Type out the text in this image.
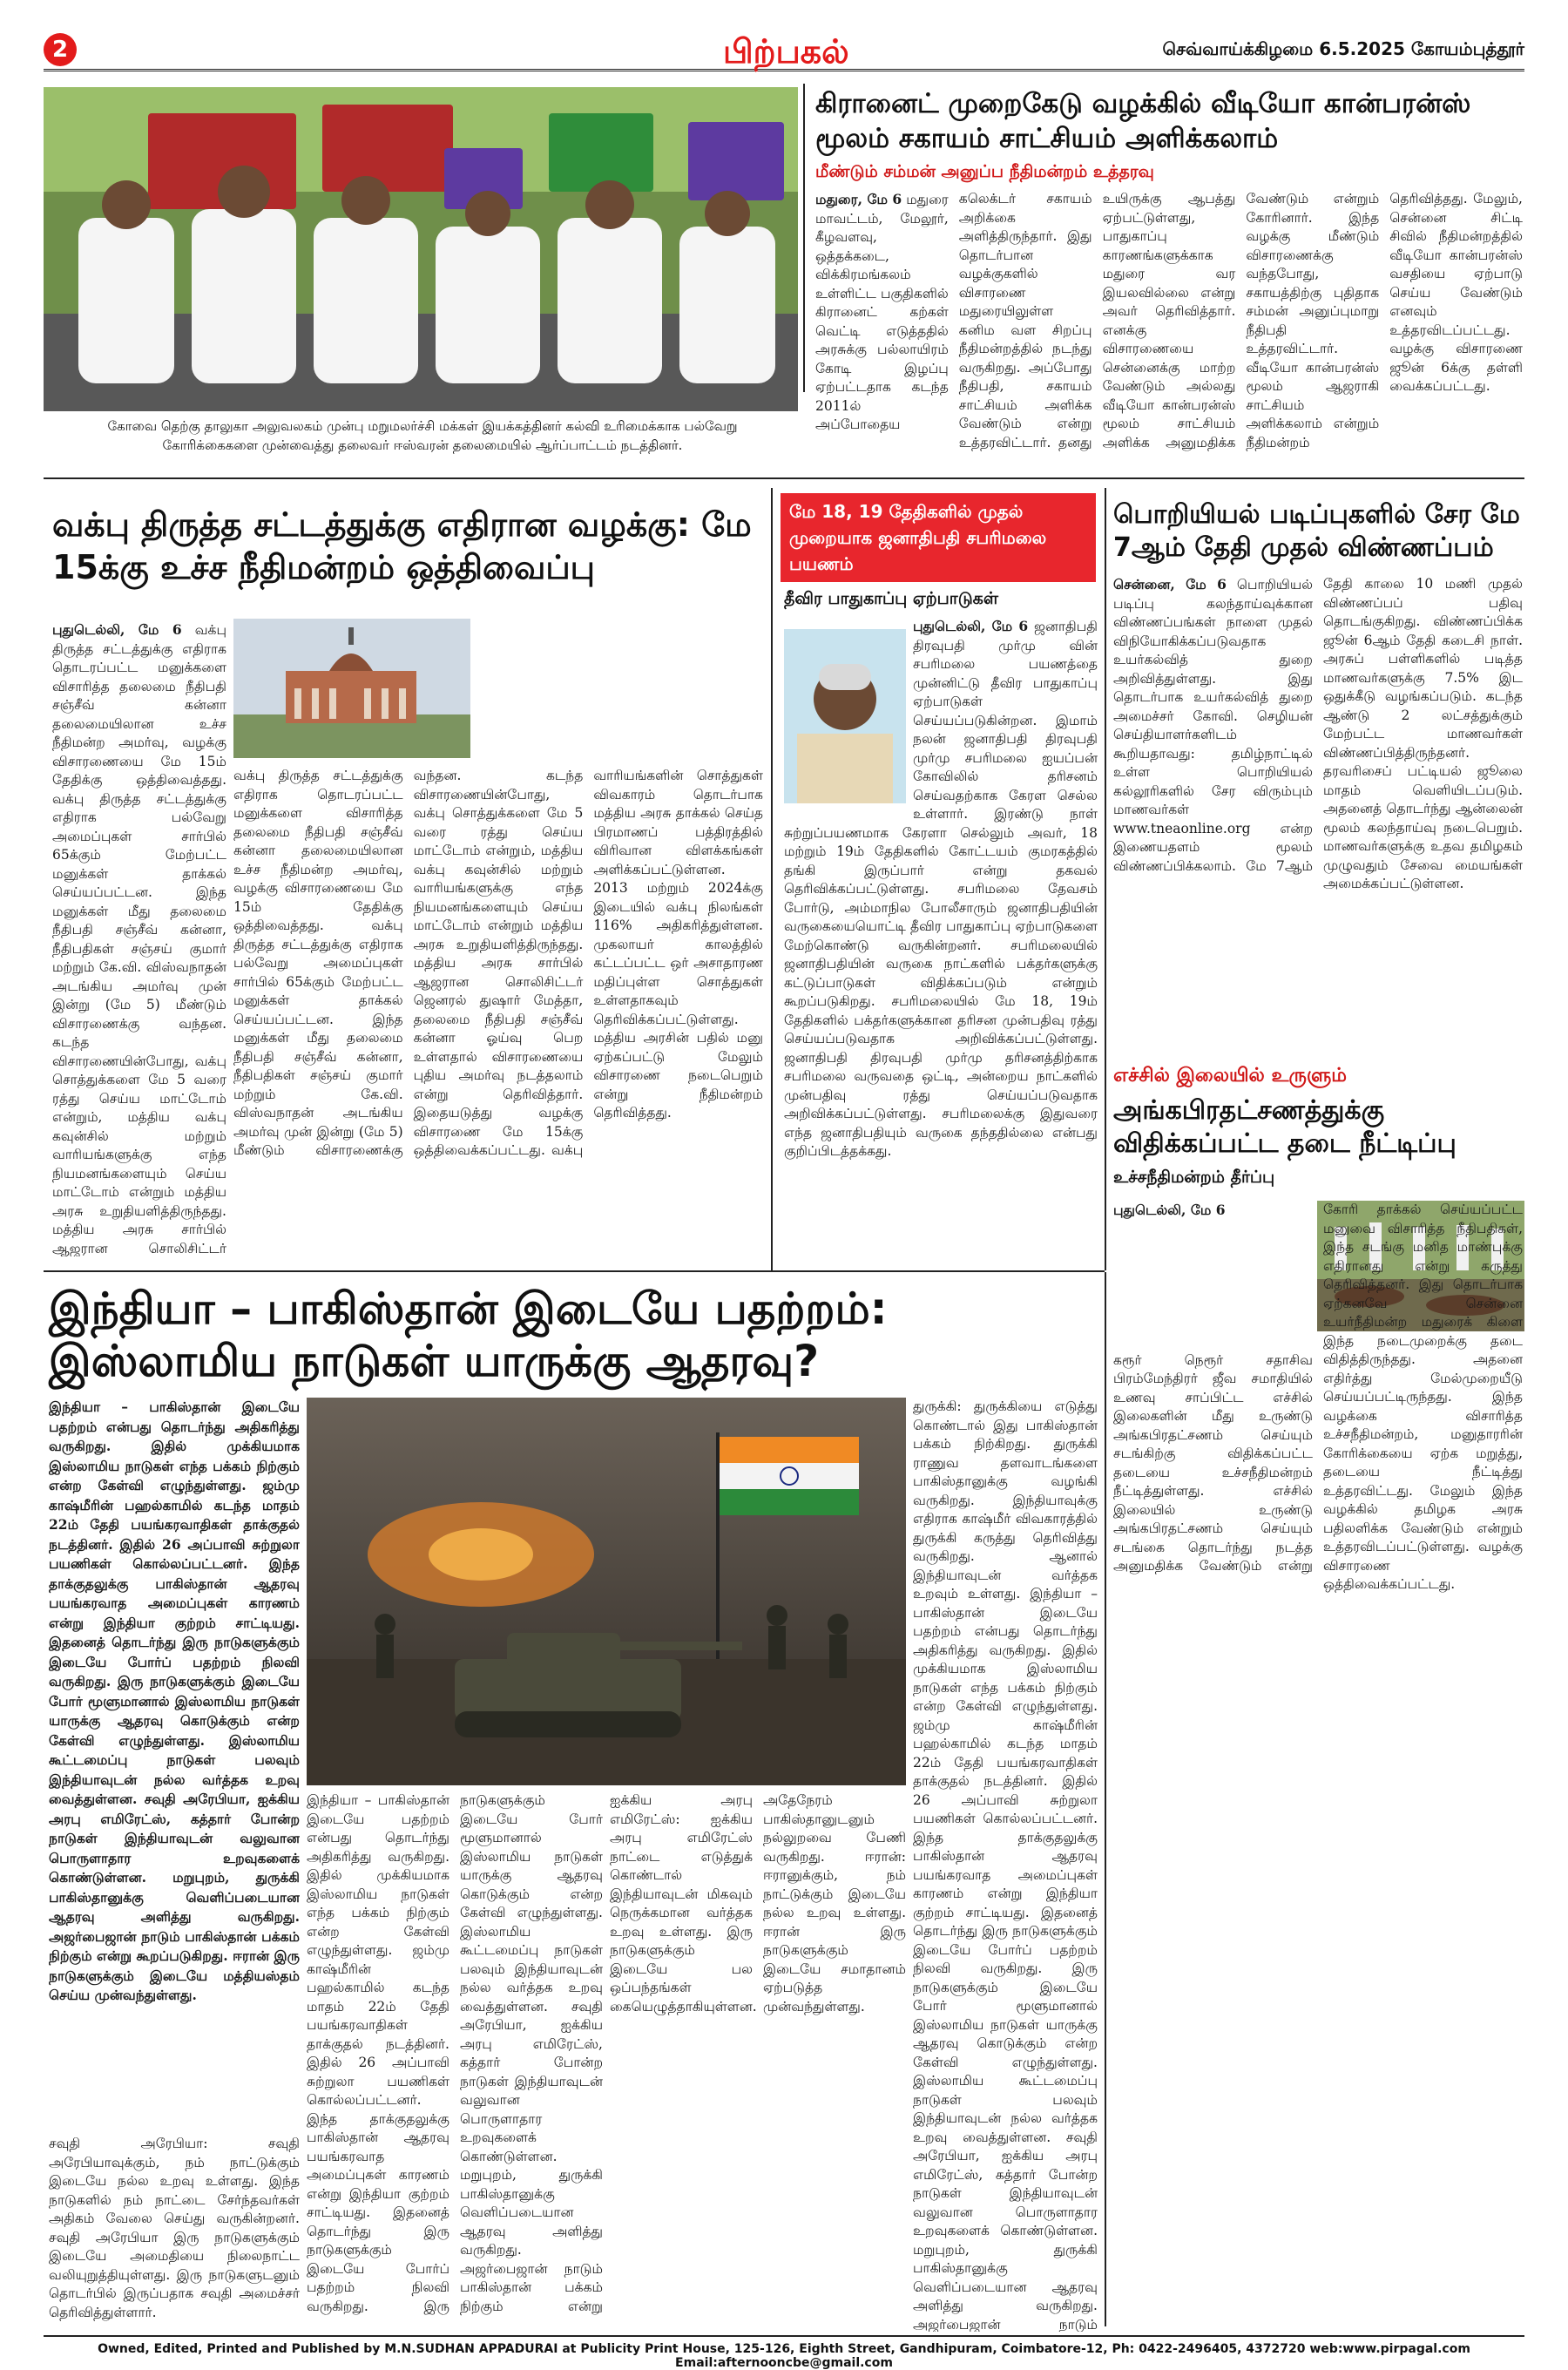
2	பிற்பகல்	செவ்வாய்க்கிழமை 6.5.2025 கோயம்புத்தூர்
கோவை தெற்கு தாலுகா அலுவலகம் முன்பு மறுமலர்ச்சி மக்கள் இயக்கத்தினர் கல்வி உரிமைக்காக பல்வேறு கோரிக்கைகளை முன்வைத்து தலைவர் ஈஸ்வரன் தலைமையில் ஆர்ப்பாட்டம் நடத்தினர்.
கிரானைட் முறைகேடு வழக்கில் வீடியோ கான்பரன்ஸ் மூலம் சகாயம் சாட்சியம் அளிக்கலாம்
மீண்டும் சம்மன் அனுப்ப நீதிமன்றம் உத்தரவு
மதுரை, மே 6 மதுரை மாவட்டம், மேலூர், கீழவளவு, ஒத்தக்கடை, விக்கிரமங்கலம் உள்ளிட்ட பகுதிகளில் கிரானைட் கற்கள் வெட்டி எடுத்ததில் அரசுக்கு பல்லாயிரம் கோடி இழப்பு ஏற்பட்டதாக கடந்த 2011ல் அப்போதைய கலெக்டர் சகாயம் அறிக்கை அளித்திருந்தார். இது தொடர்பான வழக்குகளில் விசாரணை மதுரையிலுள்ள கனிம வள சிறப்பு நீதிமன்றத்தில் நடந்து வருகிறது. அப்போது நீதிபதி, சகாயம் சாட்சியம் அளிக்க வேண்டும் என்று உத்தரவிட்டார். தனது உயிருக்கு ஆபத்து ஏற்பட்டுள்ளது, பாதுகாப்பு காரணங்களுக்காக மதுரை வர இயலவில்லை என்று அவர் தெரிவித்தார். எனக்கு விசாரணையை சென்னைக்கு மாற்ற வேண்டும் அல்லது வீடியோ கான்பரன்ஸ் மூலம் சாட்சியம் அளிக்க அனுமதிக்க வேண்டும் என்றும் கோரினார். இந்த வழக்கு மீண்டும் விசாரணைக்கு வந்தபோது, சகாயத்திற்கு புதிதாக சம்மன் அனுப்புமாறு நீதிபதி உத்தரவிட்டார். வீடியோ கான்பரன்ஸ் மூலம் ஆஜராகி சாட்சியம் அளிக்கலாம் என்றும் நீதிமன்றம் தெரிவித்தது. மேலும், சென்னை சிட்டி சிவில் நீதிமன்றத்தில் வீடியோ கான்பரன்ஸ் வசதியை ஏற்பாடு செய்ய வேண்டும் எனவும் உத்தரவிடப்பட்டது. வழக்கு விசாரணை ஜூன் 6க்கு தள்ளி வைக்கப்பட்டது.
வக்பு திருத்த சட்டத்துக்கு எதிரான வழக்கு: மே 15க்கு உச்ச நீதிமன்றம் ஒத்திவைப்பு
புதுடெல்லி, மே 6 வக்பு திருத்த சட்டத்துக்கு எதிராக தொடரப்பட்ட மனுக்களை விசாரித்த தலைமை நீதிபதி சஞ்சீவ் கன்னா தலைமையிலான உச்ச நீதிமன்ற அமர்வு, வழக்கு விசாரணையை மே 15ம் தேதிக்கு ஒத்திவைத்தது. வக்பு திருத்த சட்டத்துக்கு எதிராக பல்வேறு அமைப்புகள் சார்பில் 65க்கும் மேற்பட்ட மனுக்கள் தாக்கல் செய்யப்பட்டன. இந்த மனுக்கள் மீது தலைமை நீதிபதி சஞ்சீவ் கன்னா, நீதிபதிகள் சஞ்சய் குமார் மற்றும் கே.வி. விஸ்வநாதன் அடங்கிய அமர்வு முன் இன்று (மே 5) மீண்டும் விசாரணைக்கு வந்தன. கடந்த விசாரணையின்போது, வக்பு சொத்துக்களை மே 5 வரை ரத்து செய்ய மாட்டோம் என்றும், மத்திய வக்பு கவுன்சில் மற்றும் வாரியங்களுக்கு எந்த நியமனங்களையும் செய்ய மாட்டோம் என்றும் மத்திய அரசு உறுதியளித்திருந்தது. மத்திய அரசு சார்பில் ஆஜரான சொலிசிட்டர்
வக்பு திருத்த சட்டத்துக்கு எதிராக தொடரப்பட்ட மனுக்களை விசாரித்த தலைமை நீதிபதி சஞ்சீவ் கன்னா தலைமையிலான உச்ச நீதிமன்ற அமர்வு, வழக்கு விசாரணையை மே 15ம் தேதிக்கு ஒத்திவைத்தது. வக்பு திருத்த சட்டத்துக்கு எதிராக பல்வேறு அமைப்புகள் சார்பில் 65க்கும் மேற்பட்ட மனுக்கள் தாக்கல் செய்யப்பட்டன. இந்த மனுக்கள் மீது தலைமை நீதிபதி சஞ்சீவ் கன்னா, நீதிபதிகள் சஞ்சய் குமார் மற்றும் கே.வி. விஸ்வநாதன் அடங்கிய அமர்வு முன் இன்று (மே 5) மீண்டும் விசாரணைக்கு வந்தன. கடந்த விசாரணையின்போது, வக்பு சொத்துக்களை மே 5 வரை ரத்து செய்ய மாட்டோம் என்றும், மத்திய வக்பு கவுன்சில் மற்றும் வாரியங்களுக்கு எந்த நியமனங்களையும் செய்ய மாட்டோம் என்றும் மத்திய அரசு உறுதியளித்திருந்தது. மத்திய அரசு சார்பில் ஆஜரான சொலிசிட்டர் ஜெனரல் துஷார் மேத்தா, தலைமை நீதிபதி சஞ்சீவ் கன்னா ஓய்வு பெற உள்ளதால் விசாரணையை புதிய அமர்வு நடத்தலாம் என்று தெரிவித்தார். இதையடுத்து வழக்கு விசாரணை மே 15க்கு ஒத்திவைக்கப்பட்டது. வக்பு வாரியங்களின் சொத்துகள் விவகாரம் தொடர்பாக மத்திய அரசு தாக்கல் செய்த பிரமாணப் பத்திரத்தில் விரிவான விளக்கங்கள் அளிக்கப்பட்டுள்ளன. 2013 மற்றும் 2024க்கு இடையில் வக்பு நிலங்கள் 116% அதிகரித்துள்ளன. முகலாயர் காலத்தில் கட்டப்பட்ட ஒர் அசாதாரண மதிப்புள்ள சொத்துகள் உள்ளதாகவும் தெரிவிக்கப்பட்டுள்ளது. மத்திய அரசின் பதில் மனு ஏற்கப்பட்டு மேலும் விசாரணை நடைபெறும் என்று நீதிமன்றம் தெரிவித்தது.
மே 18, 19 தேதிகளில் முதல் முறையாக ஜனாதிபதி சபரிமலை பயணம்
தீவிர பாதுகாப்பு ஏற்பாடுகள்
புதுடெல்லி, மே 6 ஜனாதிபதி திரவுபதி முர்மு வின் சபரிமலை பயணத்தை முன்னிட்டு தீவிர பாதுகாப்பு ஏற்பாடுகள் செய்யப்படுகின்றன. இமாம் நலன் ஜனாதிபதி திரவுபதி முர்மு சபரிமலை ஐயப்பன் கோவிலில் தரிசனம் செய்வதற்காக கேரள செல்ல உள்ளார். இரண்டு நாள் சுற்றுப்பயணமாக கேரளா செல்லும் அவர், 18 மற்றும் 19ம் தேதிகளில் கோட்டயம் குமரகத்தில் தங்கி இருப்பார் என்று தகவல் தெரிவிக்கப்பட்டுள்ளது. சபரிமலை தேவசம் போர்டு, அம்மாநில போலீசாரும் ஜனாதிபதியின் வருகையையொட்டி தீவிர பாதுகாப்பு ஏற்பாடுகளை மேற்கொண்டு வருகின்றனர். சபரிமலையில் ஜனாதிபதியின் வருகை நாட்களில் பக்தர்களுக்கு கட்டுப்பாடுகள் விதிக்கப்படும் என்றும் கூறப்படுகிறது. சபரிமலையில் மே 18, 19ம் தேதிகளில் பக்தர்களுக்கான தரிசன முன்பதிவு ரத்து செய்யப்படுவதாக அறிவிக்கப்பட்டுள்ளது. ஜனாதிபதி திரவுபதி முர்மு தரிசனத்திற்காக சபரிமலை வருவதை ஒட்டி, அன்றைய நாட்களில் முன்பதிவு ரத்து செய்யப்படுவதாக அறிவிக்கப்பட்டுள்ளது. சபரிமலைக்கு இதுவரை எந்த ஜனாதிபதியும் வருகை தந்ததில்லை என்பது குறிப்பிடத்தக்கது.
பொறியியல் படிப்புகளில் சேர மே 7ஆம் தேதி முதல் விண்ணப்பம்
சென்னை, மே 6 பொறியியல் படிப்பு கலந்தாய்வுக்கான விண்ணப்பங்கள் நாளை முதல் விநியோகிக்கப்படுவதாக உயர்கல்வித் துறை அறிவித்துள்ளது. இது தொடர்பாக உயர்கல்வித் துறை அமைச்சர் கோவி. செழியன் செய்தியாளர்களிடம் கூறியதாவது: தமிழ்நாட்டில் உள்ள பொறியியல் கல்லூரிகளில் சேர விரும்பும் மாணவர்கள் www.tneaonline.org என்ற இணையதளம் மூலம் விண்ணப்பிக்கலாம். மே 7ஆம் தேதி காலை 10 மணி முதல் விண்ணப்பப் பதிவு தொடங்குகிறது. விண்ணப்பிக்க ஜூன் 6ஆம் தேதி கடைசி நாள். அரசுப் பள்ளிகளில் படித்த மாணவர்களுக்கு 7.5% இட ஒதுக்கீடு வழங்கப்படும். கடந்த ஆண்டு 2 லட்சத்துக்கும் மேற்பட்ட மாணவர்கள் விண்ணப்பித்திருந்தனர். தரவரிசைப் பட்டியல் ஜூலை மாதம் வெளியிடப்படும். அதனைத் தொடர்ந்து ஆன்லைன் மூலம் கலந்தாய்வு நடைபெறும். மாணவர்களுக்கு உதவ தமிழகம் முழுவதும் சேவை மையங்கள் அமைக்கப்பட்டுள்ளன.
எச்சில் இலையில் உருளும்
அங்கபிரதட்சணத்துக்கு விதிக்கப்பட்ட தடை நீட்டிப்பு
உச்சநீதிமன்றம் தீர்ப்பு
புதுடெல்லி, மே 6
கரூர் நெரூர் சதாசிவ பிரம்மேந்திரர் ஜீவ சமாதியில் உணவு சாப்பிட்ட எச்சில் இலைகளின் மீது உருண்டு அங்கபிரதட்சணம் செய்யும் சடங்கிற்கு விதிக்கப்பட்ட தடையை உச்சநீதிமன்றம் நீட்டித்துள்ளது. எச்சில் இலையில் உருண்டு அங்கபிரதட்சணம் செய்யும் சடங்கை தொடர்ந்து நடத்த அனுமதிக்க வேண்டும் என்று கோரி தாக்கல் செய்யப்பட்ட மனுவை விசாரித்த நீதிபதிகள், இந்த சடங்கு மனித மாண்புக்கு எதிரானது என்று கருத்து தெரிவித்தனர். இது தொடர்பாக ஏற்கனவே சென்னை உயர்நீதிமன்ற மதுரைக் கிளை இந்த நடைமுறைக்கு தடை விதித்திருந்தது. அதனை எதிர்த்து மேல்முறையீடு செய்யப்பட்டிருந்தது. இந்த வழக்கை விசாரித்த உச்சநீதிமன்றம், மனுதாரரின் கோரிக்கையை ஏற்க மறுத்து, தடையை நீட்டித்து உத்தரவிட்டது. மேலும் இந்த வழக்கில் தமிழக அரசு பதிலளிக்க வேண்டும் என்றும் உத்தரவிடப்பட்டுள்ளது. வழக்கு விசாரணை ஒத்திவைக்கப்பட்டது.
இந்தியா – பாகிஸ்தான் இடையே பதற்றம்: இஸ்லாமிய நாடுகள் யாருக்கு ஆதரவு?
இந்தியா – பாகிஸ்தான் இடையே பதற்றம் என்பது தொடர்ந்து அதிகரித்து வருகிறது. இதில் முக்கியமாக இஸ்லாமிய நாடுகள் எந்த பக்கம் நிற்கும் என்ற கேள்வி எழுந்துள்ளது. ஜம்மு காஷ்மீரின் பஹல்காமில் கடந்த மாதம் 22ம் தேதி பயங்கரவாதிகள் தாக்குதல் நடத்தினர். இதில் 26 அப்பாவி சுற்றுலா பயணிகள் கொல்லப்பட்டனர். இந்த தாக்குதலுக்கு பாகிஸ்தான் ஆதரவு பயங்கரவாத அமைப்புகள் காரணம் என்று இந்தியா குற்றம் சாட்டியது. இதனைத் தொடர்ந்து இரு நாடுகளுக்கும் இடையே போர்ப் பதற்றம் நிலவி வருகிறது. இரு நாடுகளுக்கும் இடையே போர் மூளுமானால் இஸ்லாமிய நாடுகள் யாருக்கு ஆதரவு கொடுக்கும் என்ற கேள்வி எழுந்துள்ளது. இஸ்லாமிய கூட்டமைப்பு நாடுகள் பலவும் இந்தியாவுடன் நல்ல வர்த்தக உறவு வைத்துள்ளன. சவுதி அரேபியா, ஐக்கிய அரபு எமிரேட்ஸ், கத்தார் போன்ற நாடுகள் இந்தியாவுடன் வலுவான பொருளாதார உறவுகளைக் கொண்டுள்ளன. மறுபுறம், துருக்கி பாகிஸ்தானுக்கு வெளிப்படையான ஆதரவு அளித்து வருகிறது. அஜர்பைஜான் நாடும் பாகிஸ்தான் பக்கம் நிற்கும் என்று கூறப்படுகிறது. ஈரான் இரு நாடுகளுக்கும் இடையே மத்தியஸ்தம் செய்ய முன்வந்துள்ளது.
சவுதி அரேபியா: சவுதி அரேபியாவுக்கும், நம் நாட்டுக்கும் இடையே நல்ல உறவு உள்ளது. இந்த நாடுகளில் நம் நாட்டை சேர்ந்தவர்கள் அதிகம் வேலை செய்து வருகின்றனர். சவுதி அரேபியா இரு நாடுகளுக்கும் இடையே அமைதியை நிலைநாட்ட வலியுறுத்தியுள்ளது. இரு நாடுகளுடனும் தொடர்பில் இருப்பதாக சவுதி அமைச்சர் தெரிவித்துள்ளார்.
இந்தியா – பாகிஸ்தான் இடையே பதற்றம் என்பது தொடர்ந்து அதிகரித்து வருகிறது. இதில் முக்கியமாக இஸ்லாமிய நாடுகள் எந்த பக்கம் நிற்கும் என்ற கேள்வி எழுந்துள்ளது. ஜம்மு காஷ்மீரின் பஹல்காமில் கடந்த மாதம் 22ம் தேதி பயங்கரவாதிகள் தாக்குதல் நடத்தினர். இதில் 26 அப்பாவி சுற்றுலா பயணிகள் கொல்லப்பட்டனர். இந்த தாக்குதலுக்கு பாகிஸ்தான் ஆதரவு பயங்கரவாத அமைப்புகள் காரணம் என்று இந்தியா குற்றம் சாட்டியது. இதனைத் தொடர்ந்து இரு நாடுகளுக்கும் இடையே போர்ப் பதற்றம் நிலவி வருகிறது. இரு நாடுகளுக்கும் இடையே போர் மூளுமானால் இஸ்லாமிய நாடுகள் யாருக்கு ஆதரவு கொடுக்கும் என்ற கேள்வி எழுந்துள்ளது. இஸ்லாமிய கூட்டமைப்பு நாடுகள் பலவும் இந்தியாவுடன் நல்ல வர்த்தக உறவு வைத்துள்ளன. சவுதி அரேபியா, ஐக்கிய அரபு எமிரேட்ஸ், கத்தார் போன்ற நாடுகள் இந்தியாவுடன் வலுவான பொருளாதார உறவுகளைக் கொண்டுள்ளன. மறுபுறம், துருக்கி பாகிஸ்தானுக்கு வெளிப்படையான ஆதரவு அளித்து வருகிறது. அஜர்பைஜான் நாடும் பாகிஸ்தான் பக்கம் நிற்கும் என்று

ஐக்கிய அரபு எமிரேட்ஸ்: ஐக்கிய அரபு எமிரேட்ஸ் நாட்டை எடுத்துக் கொண்டால் இந்தியாவுடன் மிகவும் நெருக்கமான வர்த்தக உறவு உள்ளது. இரு நாடுகளுக்கும் இடையே பல ஒப்பந்தங்கள் கையெழுத்தாகியுள்ளன. அதேநேரம் பாகிஸ்தானுடனும் நல்லுறவை பேணி வருகிறது.	ஈரான்: ஈரானுக்கும், நம் நாட்டுக்கும் இடையே நல்ல உறவு உள்ளது. ஈரான் இரு நாடுகளுக்கும் இடையே சமாதானம் ஏற்படுத்த முன்வந்துள்ளது.
துருக்கி: துருக்கியை எடுத்து கொண்டால் இது பாகிஸ்தான் பக்கம் நிற்கிறது. துருக்கி ராணுவ தளவாடங்களை பாகிஸ்தானுக்கு வழங்கி வருகிறது. இந்தியாவுக்கு எதிராக காஷ்மீர் விவகாரத்தில் துருக்கி கருத்து தெரிவித்து வருகிறது. ஆனால் இந்தியாவுடன் வர்த்தக உறவும் உள்ளது. இந்தியா – பாகிஸ்தான் இடையே பதற்றம் என்பது தொடர்ந்து அதிகரித்து வருகிறது. இதில் முக்கியமாக இஸ்லாமிய நாடுகள் எந்த பக்கம் நிற்கும் என்ற கேள்வி எழுந்துள்ளது. ஜம்மு காஷ்மீரின் பஹல்காமில் கடந்த மாதம் 22ம் தேதி பயங்கரவாதிகள் தாக்குதல் நடத்தினர். இதில் 26 அப்பாவி சுற்றுலா பயணிகள் கொல்லப்பட்டனர். இந்த தாக்குதலுக்கு பாகிஸ்தான் ஆதரவு பயங்கரவாத அமைப்புகள் காரணம் என்று இந்தியா குற்றம் சாட்டியது. இதனைத் தொடர்ந்து இரு நாடுகளுக்கும் இடையே போர்ப் பதற்றம் நிலவி வருகிறது. இரு நாடுகளுக்கும் இடையே போர் மூளுமானால் இஸ்லாமிய நாடுகள் யாருக்கு ஆதரவு கொடுக்கும் என்ற கேள்வி எழுந்துள்ளது. இஸ்லாமிய கூட்டமைப்பு நாடுகள் பலவும் இந்தியாவுடன் நல்ல வர்த்தக உறவு வைத்துள்ளன. சவுதி அரேபியா, ஐக்கிய அரபு எமிரேட்ஸ், கத்தார் போன்ற நாடுகள் இந்தியாவுடன் வலுவான பொருளாதார உறவுகளைக் கொண்டுள்ளன. மறுபுறம், துருக்கி பாகிஸ்தானுக்கு வெளிப்படையான ஆதரவு அளித்து வருகிறது. அஜர்பைஜான் நாடும்
Owned, Edited, Printed and Published by M.N.SUDHAN APPADURAI at Publicity Print House, 125-126, Eighth Street, Gandhipuram, Coimbatore-12, Ph: 0422-2496405, 4372720 web:www.pirpagal.com Email:afternooncbe@gmail.com
